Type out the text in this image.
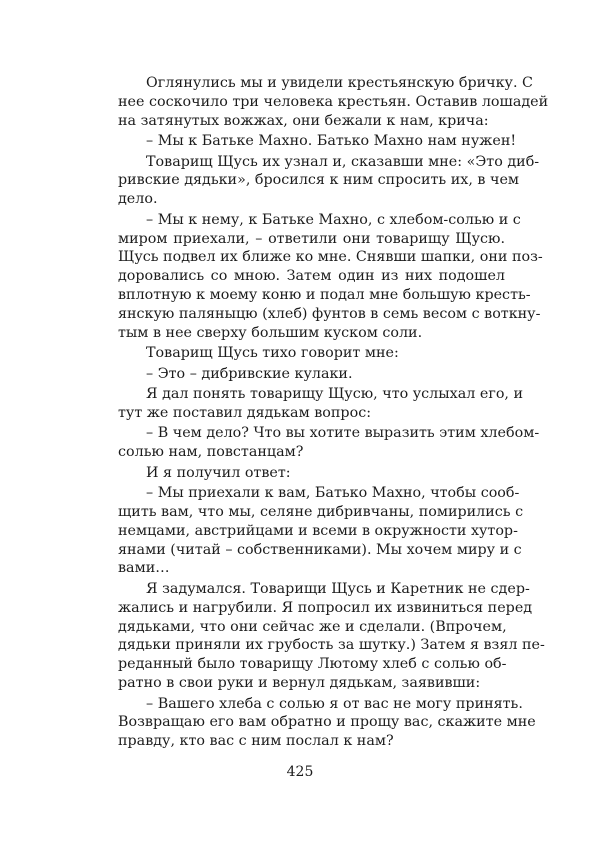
Оглянулись мы и увидели крестьянскую бричку. С
нее соскочило три человека крестьян. Оставив лошадей
на затянутых вожжах, они бежали к нам, крича:
– Мы к Батьке Махно. Батько Махно нам нужен!
Товарищ Щусь их узнал и, сказавши мне: «Это диб-
ривские дядьки», бросился к ним спросить их, в чем
дело.
– Мы к нему, к Батьке Махно, с хлебом-солью и с
миром приехали, – ответили они товарищу Щусю.
Щусь подвел их ближе ко мне. Снявши шапки, они поз-
доровались со мною. Затем один из них подошел
вплотную к моему коню и подал мне большую кресть-
янскую паляныцю (хлеб) фунтов в семь весом с воткну-
тым в нее сверху большим куском соли.
Товарищ Щусь тихо говорит мне:
– Это – дибривские кулаки.
Я дал понять товарищу Щусю, что услыхал его, и
тут же поставил дядькам вопрос:
– В чем дело? Что вы хотите выразить этим хлебом-
солью нам, повстанцам?
И я получил ответ:
– Мы приехали к вам, Батько Махно, чтобы сооб-
щить вам, что мы, селяне дибривчаны, помирились с
немцами, австрийцами и всеми в окружности хутор-
янами (читай – собственниками). Мы хочем миру и с
вами…
Я задумался. Товарищи Щусь и Каретник не сдер-
жались и нагрубили. Я попросил их извиниться перед
дядьками, что они сейчас же и сделали. (Впрочем,
дядьки приняли их грубость за шутку.) Затем я взял пе-
реданный было товарищу Лютому хлеб с солью об-
ратно в свои руки и вернул дядькам, заявивши:
– Вашего хлеба с солью я от вас не могу принять.
Возвращаю его вам обратно и прощу вас, скажите мне
правду, кто вас с ним послал к нам?
425
